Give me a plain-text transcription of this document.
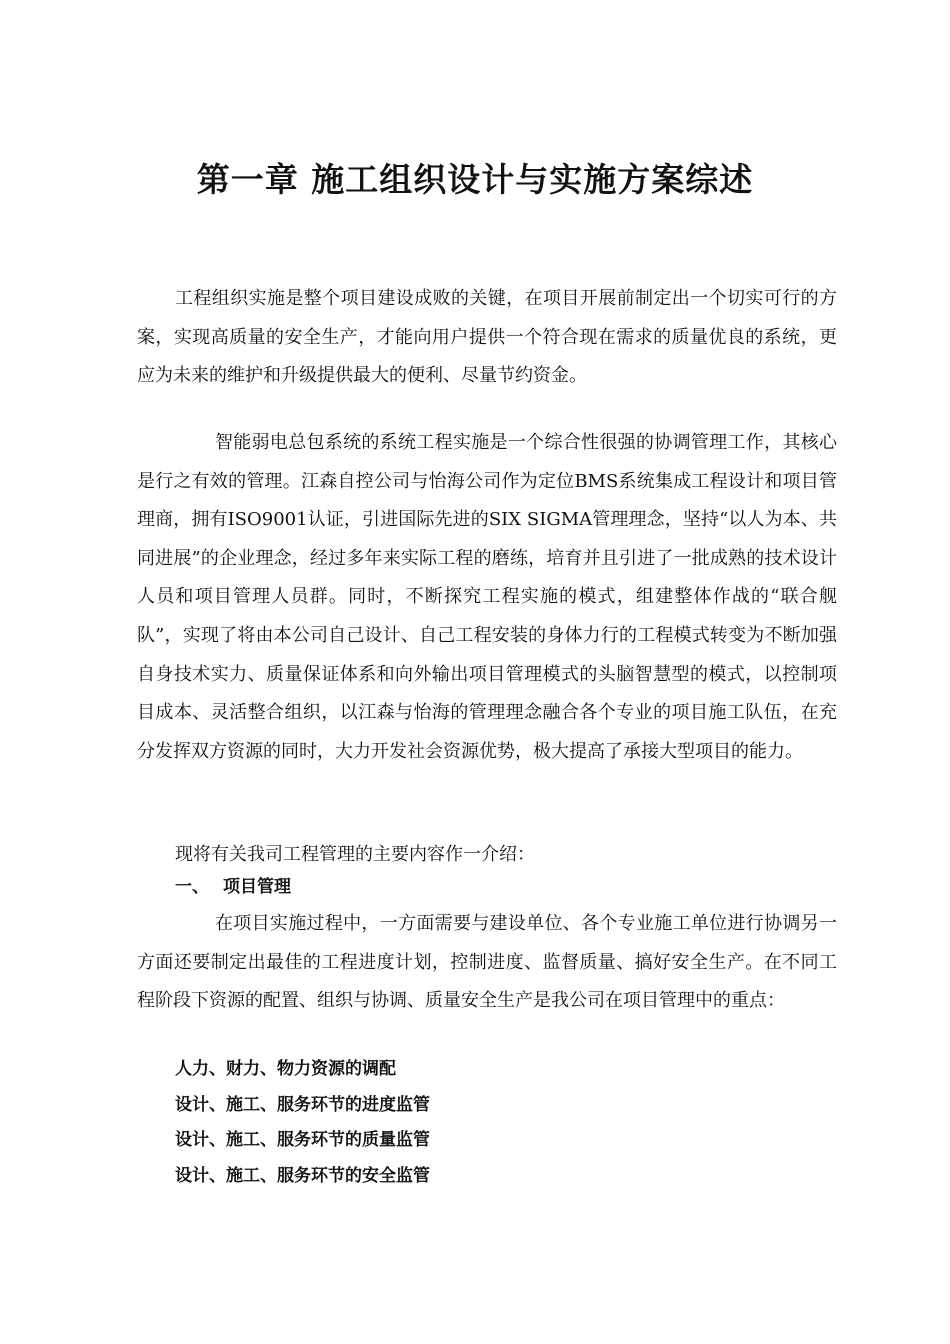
第一章 施工组织设计与实施方案综述

工程组织实施是整个项目建设成败的关键，在项目开展前制定出一个切实可行的方案，实现高质量的安全生产，才能向用户提供一个符合现在需求的质量优良的系统，更应为未来的维护和升级提供最大的便利、尽量节约资金。

智能弱电总包系统的系统工程实施是一个综合性很强的协调管理工作，其核心是行之有效的管理。江森自控公司与怡海公司作为定位BMS系统集成工程设计和项目管理商，拥有ISO9001认证，引进国际先进的SIX SIGMA管理理念，坚持“以人为本、共同进展”的企业理念，经过多年来实际工程的磨练，培育并且引进了一批成熟的技术设计人员和项目管理人员群。同时，不断探究工程实施的模式，组建整体作战的“联合舰队”，实现了将由本公司自己设计、自己工程安装的身体力行的工程模式转变为不断加强自身技术实力、质量保证体系和向外输出项目管理模式的头脑智慧型的模式，以控制项目成本、灵活整合组织，以江森与怡海的管理理念融合各个专业的项目施工队伍，在充分发挥双方资源的同时，大力开发社会资源优势，极大提高了承接大型项目的能力。

现将有关我司工程管理的主要内容作一介绍：

一、 项目管理

在项目实施过程中，一方面需要与建设单位、各个专业施工单位进行协调另一方面还要制定出最佳的工程进度计划，控制进度、监督质量、搞好安全生产。在不同工程阶段下资源的配置、组织与协调、质量安全生产是我公司在项目管理中的重点：

人力、财力、物力资源的调配
设计、施工、服务环节的进度监管
设计、施工、服务环节的质量监管
设计、施工、服务环节的安全监管
